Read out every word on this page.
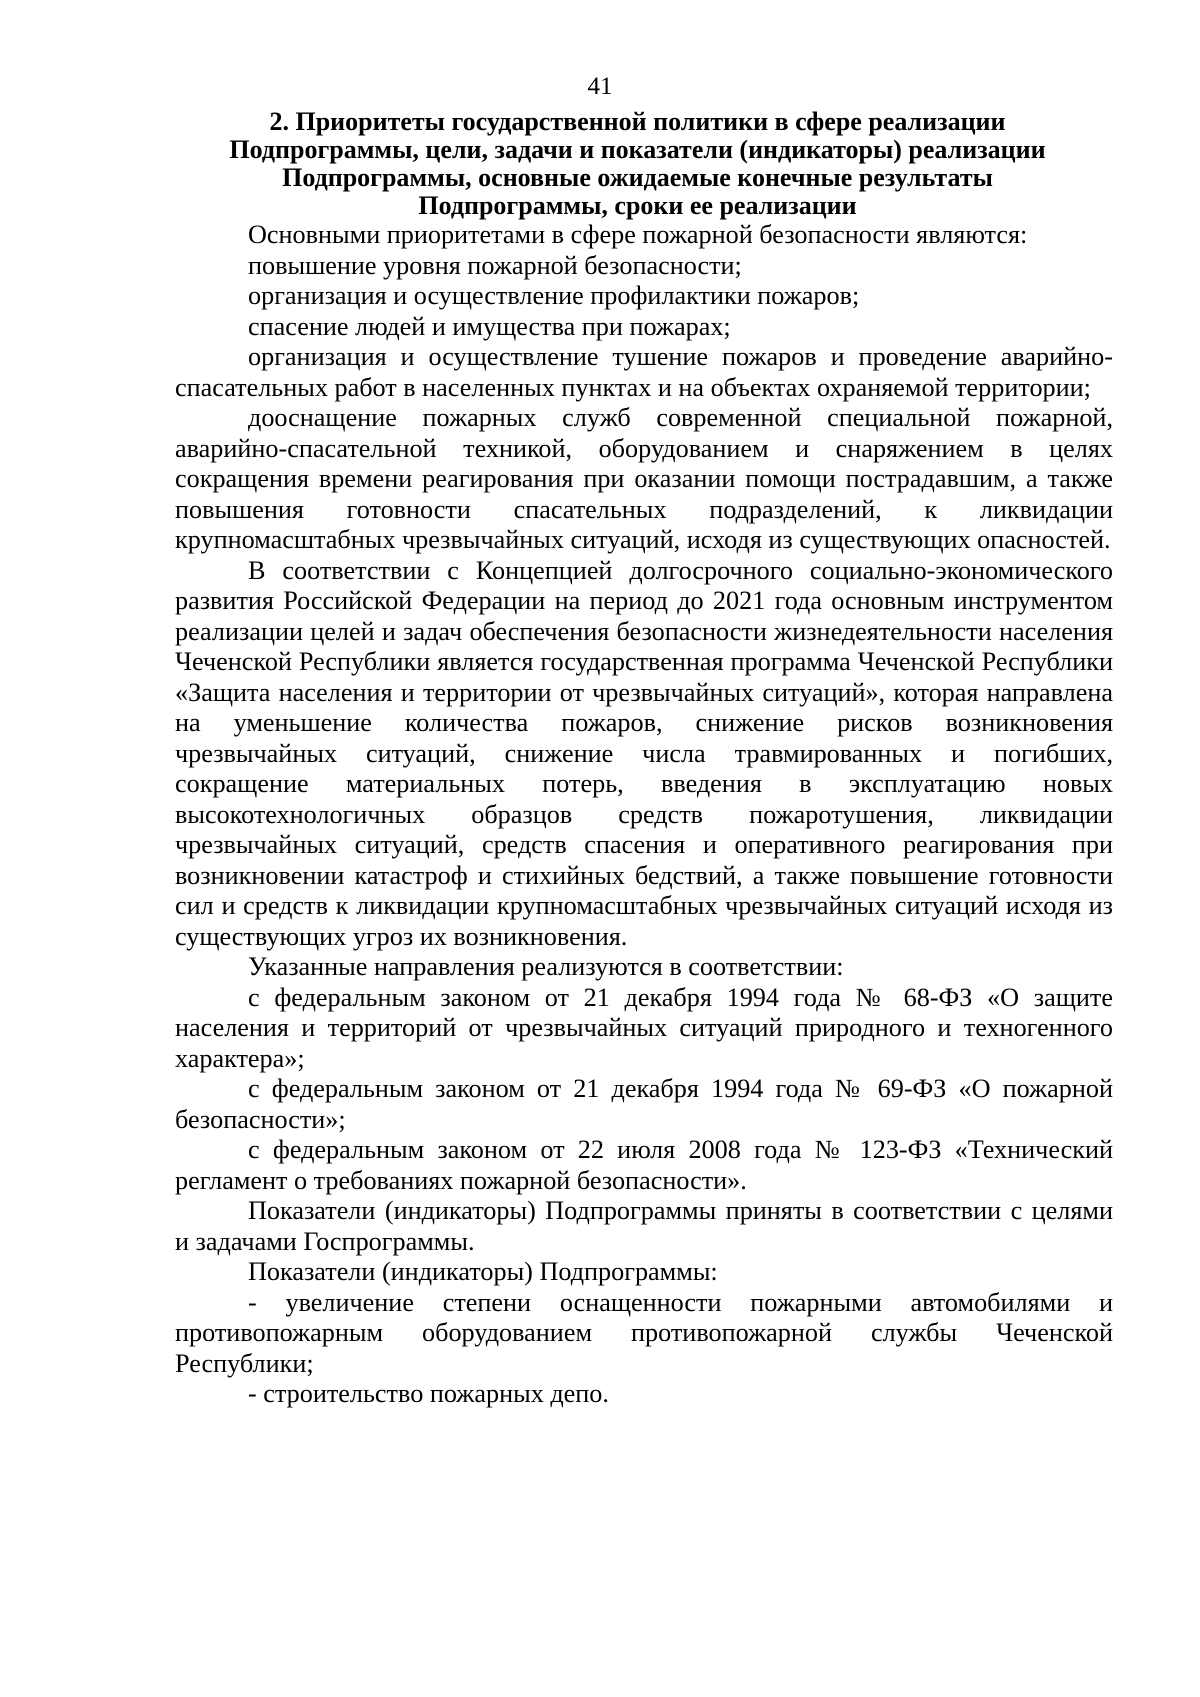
41
2. Приоритеты государственной политики в сфере реализации
Подпрограммы, цели, задачи и показатели (индикаторы) реализации
Подпрограммы, основные ожидаемые конечные результаты
Подпрограммы, сроки ее реализации

Основными приоритетами в сфере пожарной безопасности являются:

повышение уровня пожарной безопасности;

организация и осуществление профилактики пожаров;

спасение людей и имущества при пожарах;

организация и осуществление тушение пожаров и проведение аварийно-спасательных работ в населенных пунктах и на объектах охраняемой территории;

дооснащение пожарных служб современной специальной пожарной, аварийно-спасательной техникой, оборудованием и снаряжением в целях сокращения времени реагирования при оказании помощи пострадавшим, а также повышения готовности спасательных подразделений, к ликвидации крупномасштабных чрезвычайных ситуаций, исходя из существующих опасностей.

В соответствии с Концепцией долгосрочного социально-экономического развития Российской Федерации на период до 2021 года основным инструментом реализации целей и задач обеспечения безопасности жизнедеятельности населения Чеченской Республики является государственная программа Чеченской Республики «Защита населения и территории от чрезвычайных ситуаций», которая направлена на уменьшение количества пожаров, снижение рисков возникновения чрезвычайных ситуаций, снижение числа травмированных и погибших, сокращение материальных потерь, введения в эксплуатацию новых высокотехнологичных образцов средств пожаротушения, ликвидации чрезвычайных ситуаций, средств спасения и оперативного реагирования при возникновении катастроф и стихийных бедствий, а также повышение готовности сил и средств к ликвидации крупномасштабных чрезвычайных ситуаций исходя из существующих угроз их возникновения.

Указанные направления реализуются в соответствии:

с федеральным законом от 21 декабря 1994 года № 68-ФЗ «О защите населения и территорий от чрезвычайных ситуаций природного и техногенного характера»;

с федеральным законом от 21 декабря 1994 года № 69-ФЗ «О пожарной безопасности»;

с федеральным законом от 22 июля 2008 года № 123-ФЗ «Технический регламент о требованиях пожарной безопасности».

Показатели (индикаторы) Подпрограммы приняты в соответствии с целями и задачами Госпрограммы.

Показатели (индикаторы) Подпрограммы:

- увеличение степени оснащенности пожарными автомобилями и противопожарным оборудованием противопожарной службы Чеченской Республики;

- строительство пожарных депо.
